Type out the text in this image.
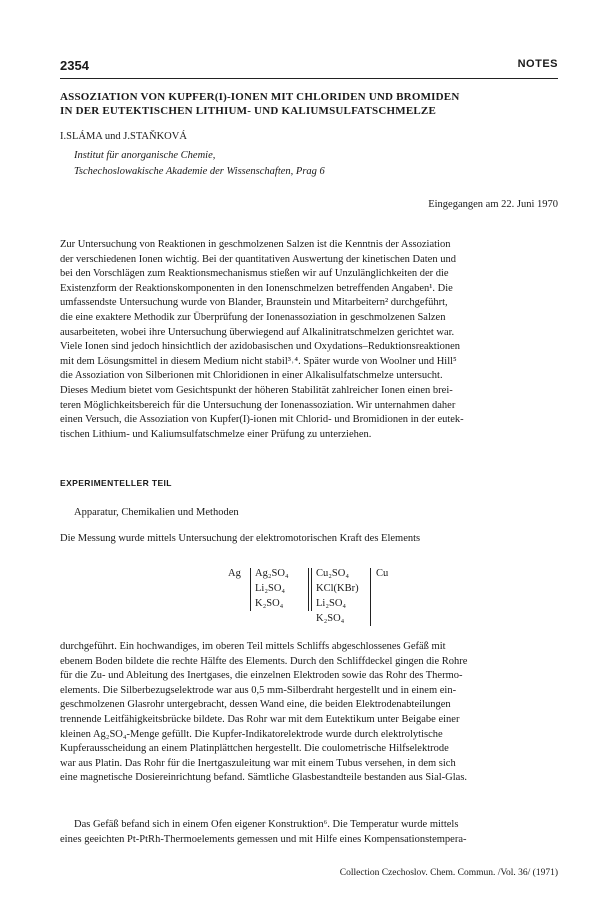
2354	NOTES
ASSOZIATION VON KUPFER(I)-IONEN MIT CHLORIDEN UND BROMIDEN
IN DER EUTEKTISCHEN LITHIUM- UND KALIUMSULFATSCHMELZE
I.SLÁMA und J.STAŇKOVÁ
Institut für anorganische Chemie,
Tschechoslowakische Akademie der Wissenschaften, Prag 6
Eingegangen am 22. Juni 1970
Zur Untersuchung von Reaktionen in geschmolzenen Salzen ist die Kenntnis der Assoziation
der verschiedenen Ionen wichtig. Bei der quantitativen Auswertung der kinetischen Daten und
bei den Vorschlägen zum Reaktionsmechanismus stießen wir auf Unzulänglichkeiten der die
Existenzform der Reaktionskomponenten in den Ionenschmelzen betreffenden Angaben¹. Die
umfassendste Untersuchung wurde von Blander, Braunstein und Mitarbeitern² durchgeführt,
die eine exaktere Methodik zur Überprüfung der Ionenassoziation in geschmolzenen Salzen
ausarbeiteten, wobei ihre Untersuchung überwiegend auf Alkalinitratschmelzen gerichtet war.
Viele Ionen sind jedoch hinsichtlich der azidobasischen und Oxydations–Reduktionsreaktionen
mit dem Lösungsmittel in diesem Medium nicht stabil³˒⁴. Später wurde von Woolner und Hill⁵
die Assoziation von Silberionen mit Chloridionen in einer Alkalisulfatschmelze untersucht.
Dieses Medium bietet vom Gesichtspunkt der höheren Stabilität zahlreicher Ionen einen brei-
teren Möglichkeitsbereich für die Untersuchung der Ionenassoziation. Wir unternahmen daher
einen Versuch, die Assoziation von Kupfer(I)-ionen mit Chlorid- und Bromidionen in der eutek-
tischen Lithium- und Kaliumsulfatschmelze einer Prüfung zu unterziehen.
EXPERIMENTELLER TEIL
Apparatur, Chemikalien und Methoden
Die Messung wurde mittels Untersuchung der elektromotorischen Kraft des Elements
Ag Ag₂SO₄
Li₂SO₄
K₂SO₄
Cu₂SO₄
KCl(KBr)
Li₂SO₄
K₂SO₄
Cu
durchgeführt. Ein hochwandiges, im oberen Teil mittels Schliffs abgeschlossenes Gefäß mit
ebenem Boden bildete die rechte Hälfte des Elements. Durch den Schliffdeckel gingen die Rohre
für die Zu- und Ableitung des Inertgases, die einzelnen Elektroden sowie das Rohr des Thermo-
elements. Die Silberbezugselektrode war aus 0,5 mm-Silberdraht hergestellt und in einem ein-
geschmolzenen Glasrohr untergebracht, dessen Wand eine, die beiden Elektrodenabteilungen
trennende Leitfähigkeitsbrücke bildete. Das Rohr war mit dem Eutektikum unter Beigabe einer
kleinen Ag₂SO₄-Menge gefüllt. Die Kupfer-Indikatorelektrode wurde durch elektrolytische
Kupferausscheidung an einem Platinplättchen hergestellt. Die coulometrische Hilfselektrode
war aus Platin. Das Rohr für die Inertgaszuleitung war mit einem Tubus versehen, in dem sich
eine magnetische Dosiereinrichtung befand. Sämtliche Glasbestandteile bestanden aus Sial-Glas.
Das Gefäß befand sich in einem Ofen eigener Konstruktion⁶. Die Temperatur wurde mittels
eines geeichten Pt-PtRh-Thermoelements gemessen und mit Hilfe eines Kompensationstempera-
Collection Czechoslov. Chem. Commun. /Vol. 36/ (1971)
